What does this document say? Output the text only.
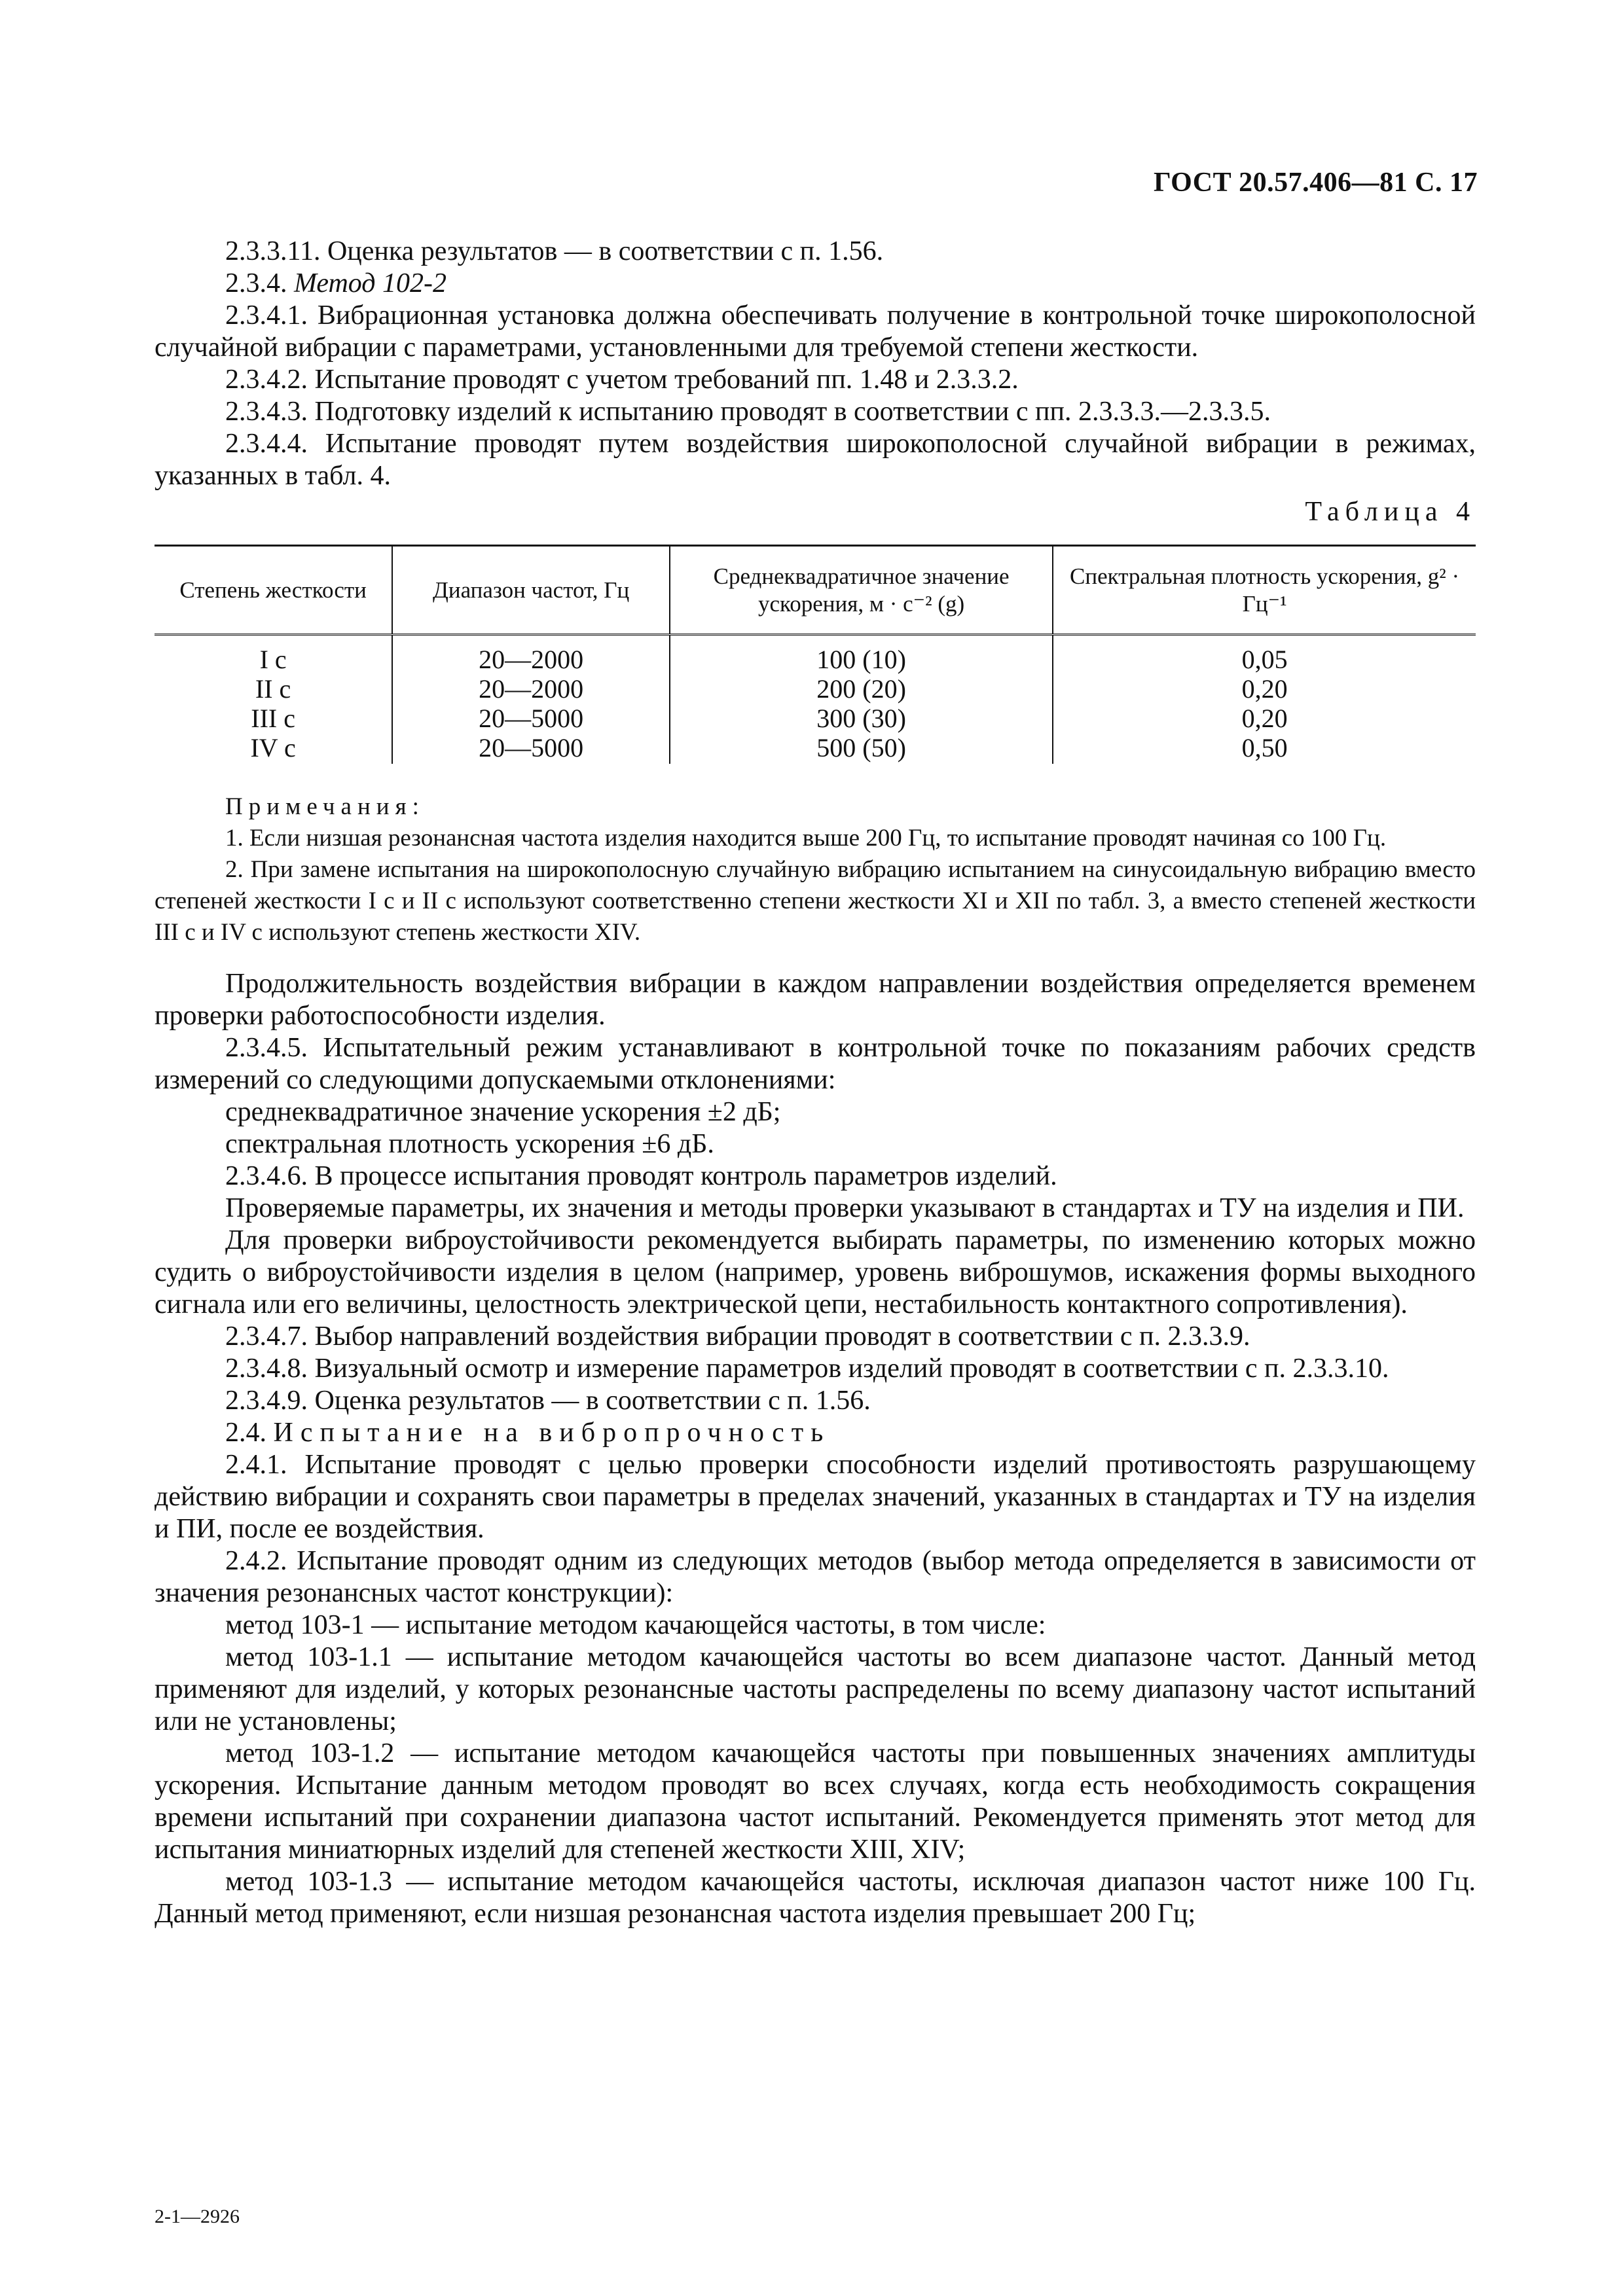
ГОСТ 20.57.406—81 С. 17

2.3.3.11. Оценка результатов — в соответствии с п. 1.56.

2.3.4. Метод 102-2

2.3.4.1. Вибрационная установка должна обеспечивать получение в контрольной точке широкополосной случайной вибрации с параметрами, установленными для требуемой степени жесткости.

2.3.4.2. Испытание проводят с учетом требований пп. 1.48 и 2.3.3.2.

2.3.4.3. Подготовку изделий к испытанию проводят в соответствии с пп. 2.3.3.3.—2.3.3.5.

2.3.4.4. Испытание проводят путем воздействия широкополосной случайной вибрации в режимах, указанных в табл. 4.

Таблица 4
Степень жесткости	Диапазон частот, Гц	Среднеквадратичное значение ускорения, м · с⁻² (g)	Спектральная плотность ускорения, g² · Гц⁻¹
I с	20—2000	100 (10)	0,05
II с	20—2000	200 (20)	0,20
III с	20—5000	300 (30)	0,20
IV с	20—5000	500 (50)	0,50

Примечания:

1. Если низшая резонансная частота изделия находится выше 200 Гц, то испытание проводят начиная со 100 Гц.

2. При замене испытания на широкополосную случайную вибрацию испытанием на синусоидальную вибрацию вместо степеней жесткости I с и II с используют соответственно степени жесткости XI и XII по табл. 3, а вместо степеней жесткости III с и IV с используют степень жесткости XIV.

Продолжительность воздействия вибрации в каждом направлении воздействия определяется временем проверки работоспособности изделия.

2.3.4.5. Испытательный режим устанавливают в контрольной точке по показаниям рабочих средств измерений со следующими допускаемыми отклонениями:

среднеквадратичное значение ускорения ±2 дБ;

спектральная плотность ускорения ±6 дБ.

2.3.4.6. В процессе испытания проводят контроль параметров изделий.

Проверяемые параметры, их значения и методы проверки указывают в стандартах и ТУ на изделия и ПИ.

Для проверки виброустойчивости рекомендуется выбирать параметры, по изменению которых можно судить о виброустойчивости изделия в целом (например, уровень виброшумов, искажения формы выходного сигнала или его величины, целостность электрической цепи, нестабильность контактного сопротивления).

2.3.4.7. Выбор направлений воздействия вибрации проводят в соответствии с п. 2.3.3.9.

2.3.4.8. Визуальный осмотр и измерение параметров изделий проводят в соответствии с п. 2.3.3.10.

2.3.4.9. Оценка результатов — в соответствии с п. 1.56.

2.4. Испытание на вибропрочность

2.4.1. Испытание проводят с целью проверки способности изделий противостоять разрушающему действию вибрации и сохранять свои параметры в пределах значений, указанных в стандартах и ТУ на изделия и ПИ, после ее воздействия.

2.4.2. Испытание проводят одним из следующих методов (выбор метода определяется в зависимости от значения резонансных частот конструкции):

метод 103-1 — испытание методом качающейся частоты, в том числе:

метод 103-1.1 — испытание методом качающейся частоты во всем диапазоне частот. Данный метод применяют для изделий, у которых резонансные частоты распределены по всему диапазону частот испытаний или не установлены;

метод 103-1.2 — испытание методом качающейся частоты при повышенных значениях амплитуды ускорения. Испытание данным методом проводят во всех случаях, когда есть необходимость сокращения времени испытаний при сохранении диапазона частот испытаний. Рекомендуется применять этот метод для испытания миниатюрных изделий для степеней жесткости XIII, XIV;

метод 103-1.3 — испытание методом качающейся частоты, исключая диапазон частот ниже 100 Гц. Данный метод применяют, если низшая резонансная частота изделия превышает 200 Гц;

2-1—2926
